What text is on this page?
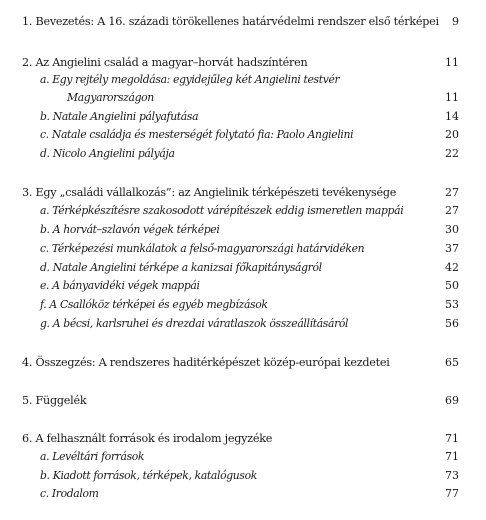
1. Bevezetés: A 16. századi törökellenes határvédelmi rendszer első térképei 9
2. Az Angielini család a magyar–horvát hadszíntéren	11
a. Egy rejtély megoldása: egyidejűleg két Angielini testvér
Magyarországon	11
b. Natale Angielini pályafutása	14
c. Natale családja és mesterségét folytató fia: Paolo Angielini	20
d. Nicolo Angielini pályája	22
3. Egy „családi vállalkozás”: az Angielinik térképészeti tevékenysége	27
a. Térképkészítésre szakosodott várépítészek eddig ismeretlen mappái	27
b. A horvát–szlavón végek térképei	30
c. Térképezési munkálatok a felső-magyarországi határvidéken	37
d. Natale Angielini térképe a kanizsai főkapitányságról	42
e. A bányavidéki végek mappái	50
f. A Csallóköz térképei és egyéb megbízások	53
g. A bécsi, karlsruhei és drezdai váratlaszok összeállításáról	56
4. Összegzés: A rendszeres haditérképészet közép-európai kezdetei	65
5. Függelék	69
6. A felhasznált források és irodalom jegyzéke	71
a. Levéltári források	71
b. Kiadott források, térképek, katalógusok	73
c. Irodalom	77
